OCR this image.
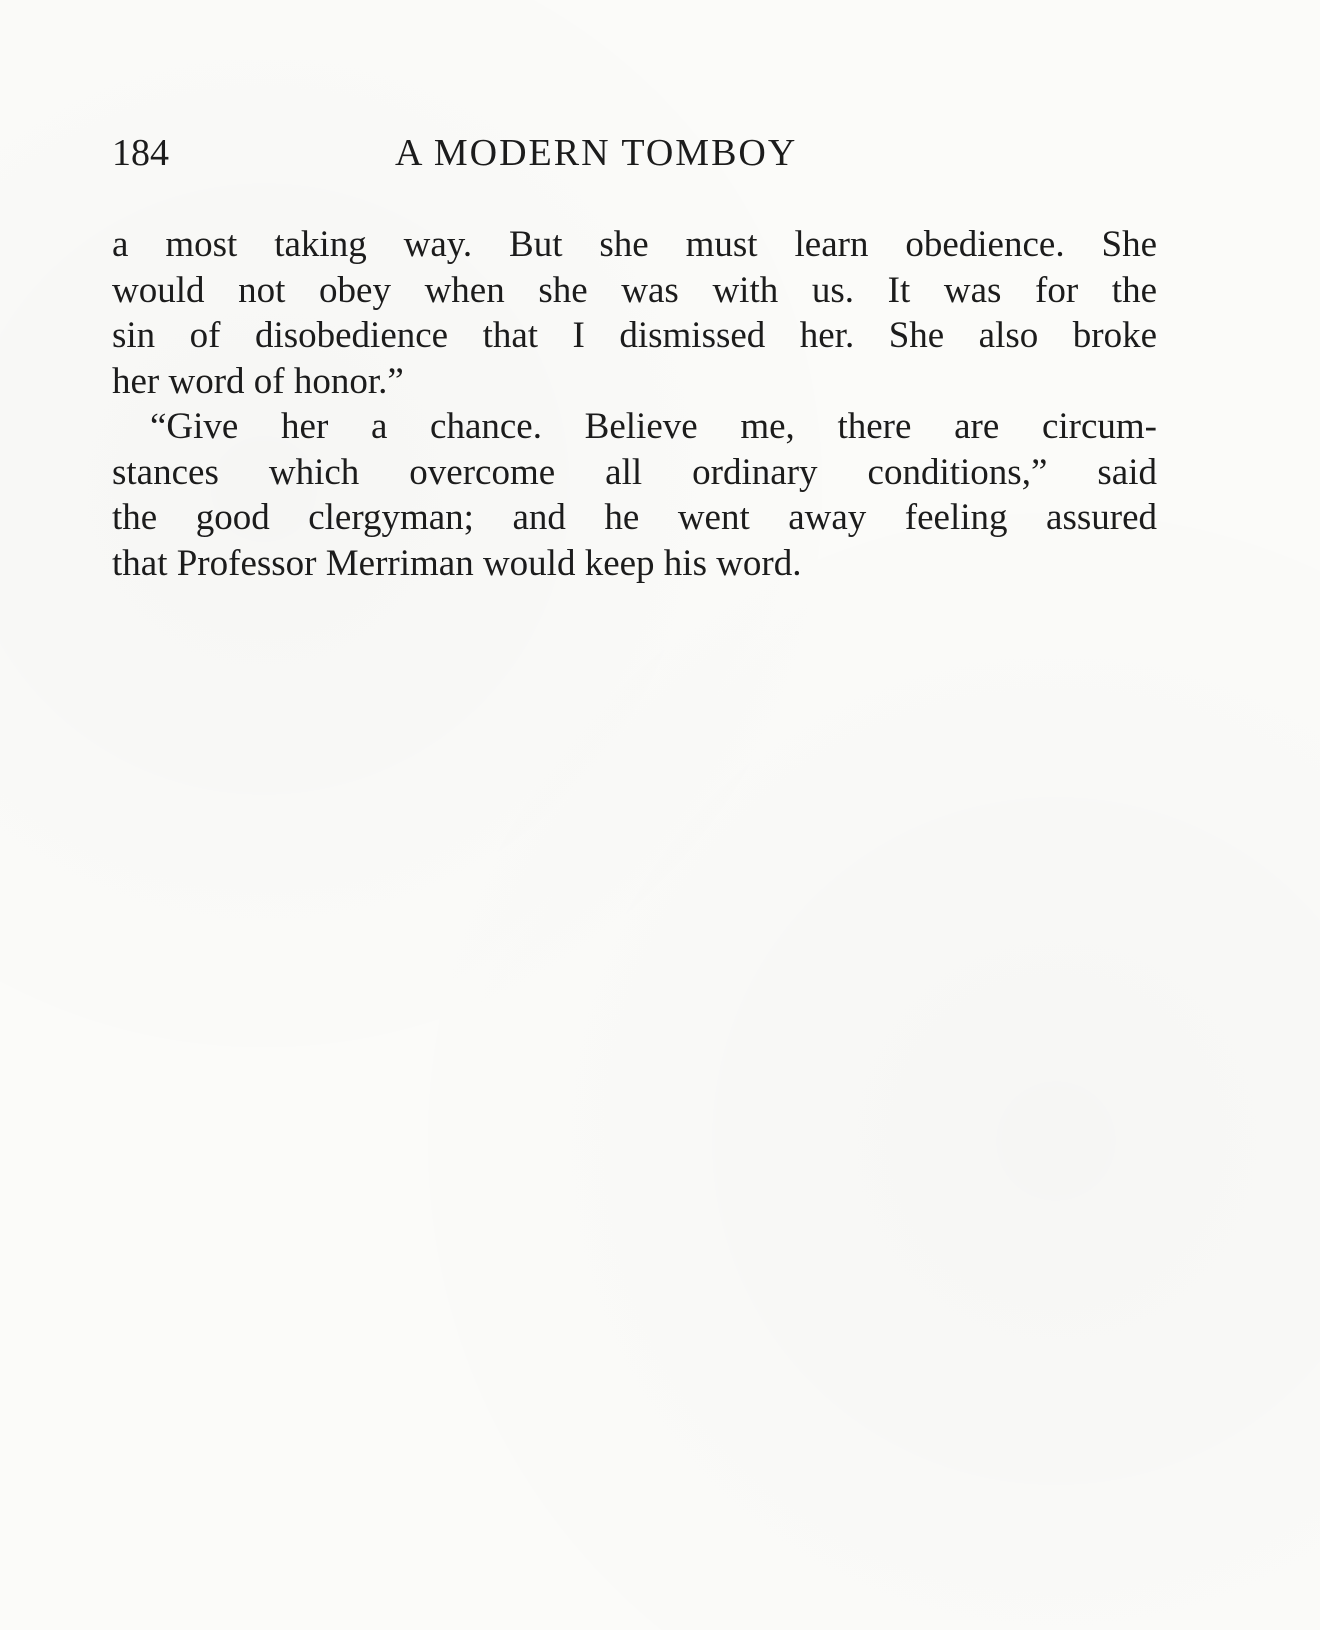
184	A MODERN TOMBOY
a most taking way. But she must learn obedience. She
would not obey when she was with us. It was for the
sin of disobedience that I dismissed her. She also broke
her word of honor.”
“Give her a chance. Believe me, there are circum-
stances which overcome all ordinary conditions,” said
the good clergyman; and he went away feeling assured
that Professor Merriman would keep his word.
